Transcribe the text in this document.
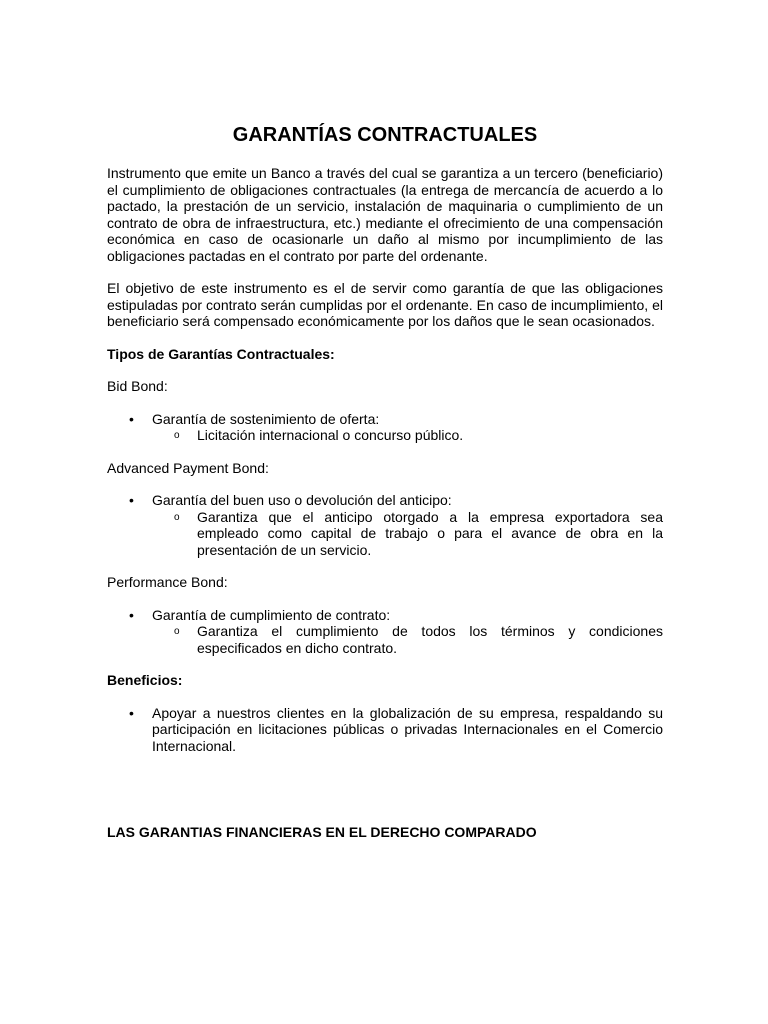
GARANTÍAS CONTRACTUALES

Instrumento que emite un Banco a través del cual se garantiza a un tercero (beneficiario) el cumplimiento de obligaciones contractuales (la entrega de mercancía de acuerdo a lo pactado, la prestación de un servicio, instalación de maquinaria o cumplimiento de un contrato de obra de infraestructura, etc.) mediante el ofrecimiento de una compensación económica en caso de ocasionarle un daño al mismo por incumplimiento de las obligaciones pactadas en el contrato por parte del ordenante.

El objetivo de este instrumento es el de servir como garantía de que las obligaciones estipuladas por contrato serán cumplidas por el ordenante. En caso de incumplimiento, el beneficiario será compensado económicamente por los daños que le sean ocasionados.

Tipos de Garantías Contractuales:
Bid Bond:
• Garantía de sostenimiento de oferta:
o Licitación internacional o concurso público.
Advanced Payment Bond:
• Garantía del buen uso o devolución del anticipo:
o Garantiza que el anticipo otorgado a la empresa exportadora sea empleado como capital de trabajo o para el avance de obra en la presentación de un servicio.
Performance Bond:
• Garantía de cumplimiento de contrato:
o Garantiza el cumplimiento de todos los términos y condiciones especificados en dicho contrato.
Beneficios:
• Apoyar a nuestros clientes en la globalización de su empresa, respaldando su participación en licitaciones públicas o privadas Internacionales en el Comercio Internacional.
LAS GARANTIAS FINANCIERAS EN EL DERECHO COMPARADO
